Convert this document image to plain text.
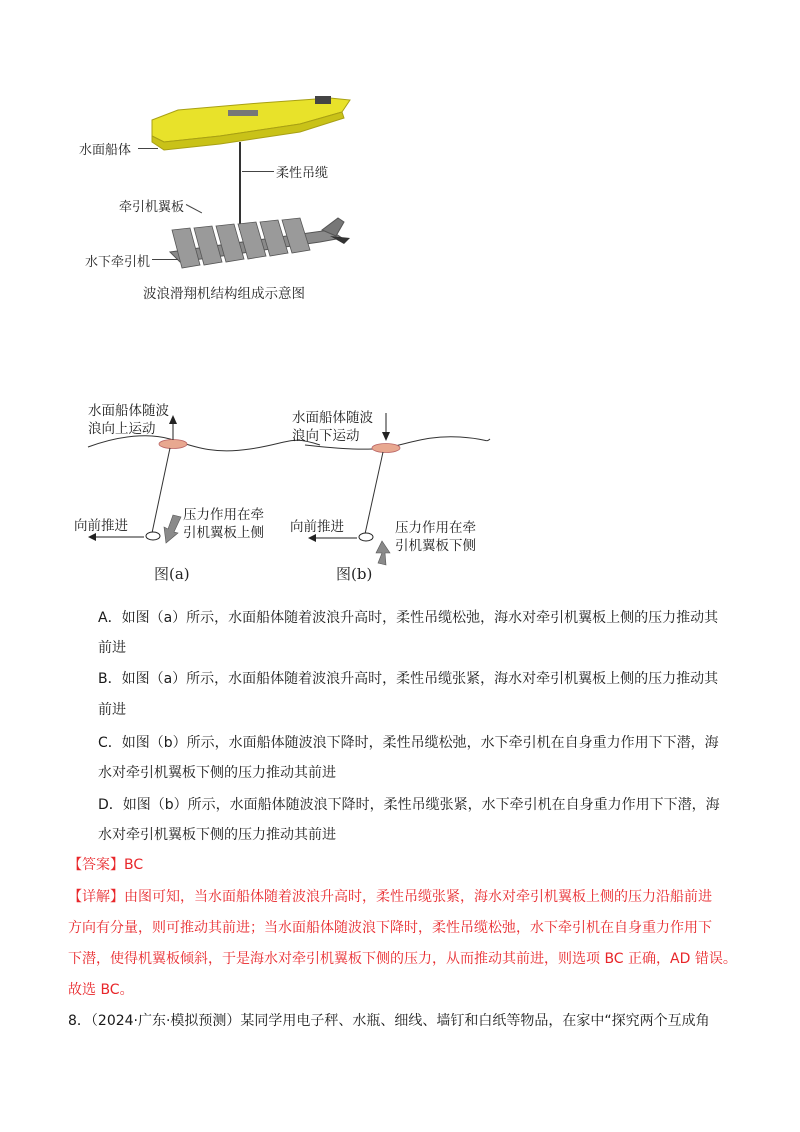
水面船体
柔性吊缆
牵引机翼板
水下牵引机
波浪滑翔机结构组成示意图
水面船体随波
浪向上运动
向前推进
压力作用在牵
引机翼板上侧
图(a)
水面船体随波
浪向下运动
向前推进	压力作用在牵
引机翼板下侧
图(b)
A．如图（a）所示，水面船体随着波浪升高时，柔性吊缆松弛，海水对牵引机翼板上侧的压力推动其
前进
B．如图（a）所示，水面船体随着波浪升高时，柔性吊缆张紧，海水对牵引机翼板上侧的压力推动其
前进
C．如图（b）所示，水面船体随波浪下降时，柔性吊缆松弛，水下牵引机在自身重力作用下下潜，海
水对牵引机翼板下侧的压力推动其前进
D．如图（b）所示，水面船体随波浪下降时，柔性吊缆张紧，水下牵引机在自身重力作用下下潜，海
水对牵引机翼板下侧的压力推动其前进
【答案】BC
【详解】由图可知，当水面船体随着波浪升高时，柔性吊缆张紧，海水对牵引机翼板上侧的压力沿船前进
方向有分量，则可推动其前进；当水面船体随波浪下降时，柔性吊缆松弛，水下牵引机在自身重力作用下
下潜，使得机翼板倾斜，于是海水对牵引机翼板下侧的压力，从而推动其前进，则选项 BC 正确，AD 错误。
故选 BC。
8．（2024·广东·模拟预测）某同学用电子秤、水瓶、细线、墙钉和白纸等物品，在家中“探究两个互成角
